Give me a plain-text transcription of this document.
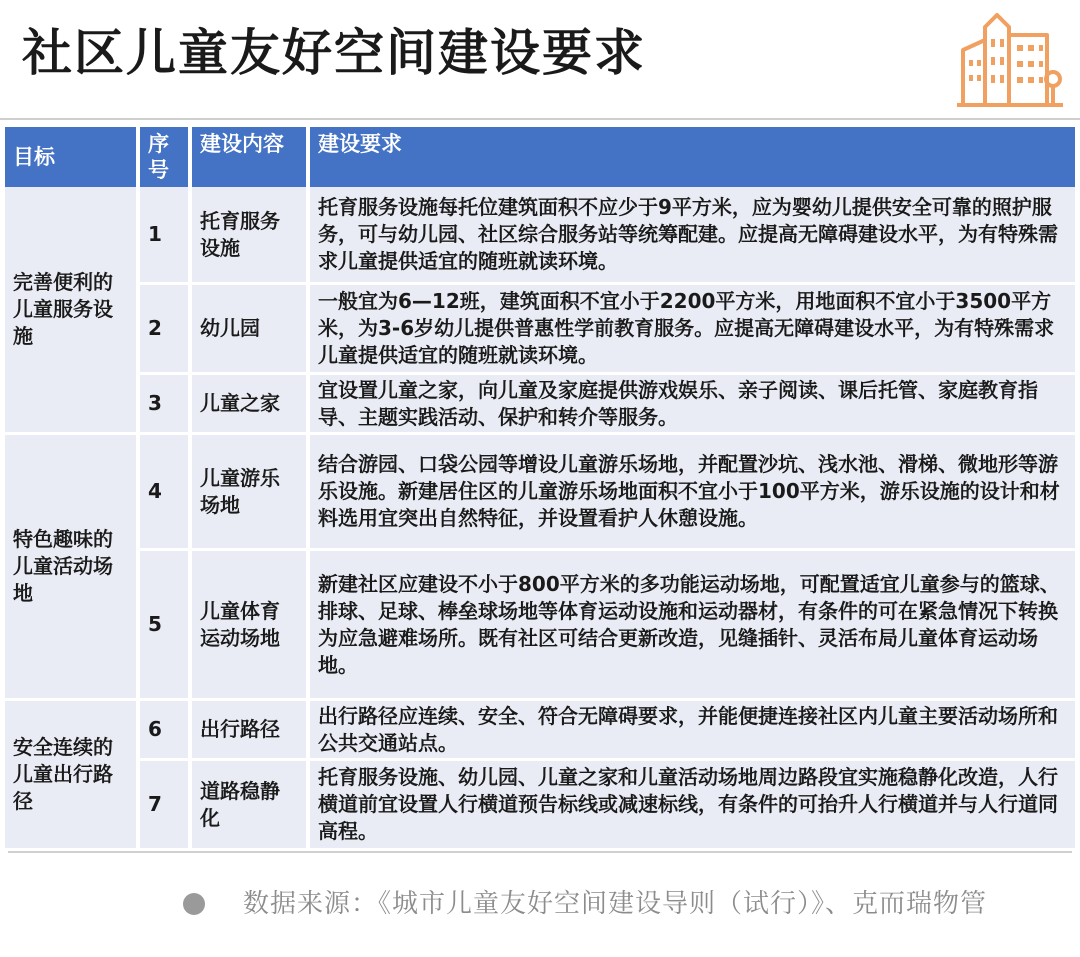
社区儿童友好空间建设要求
目标	序号	建设内容	建设要求
完善便利的儿童服务设施	1	托育服务设施	托育服务设施每托位建筑面积不应少于9平方米，应为婴幼儿提供安全可靠的照护服务，可与幼儿园、社区综合服务站等统筹配建。应提高无障碍建设水平，为有特殊需求儿童提供适宜的随班就读环境。
	2	幼儿园	一般宜为6—12班，建筑面积不宜小于2200平方米，用地面积不宜小于3500平方米，为3-6岁幼儿提供普惠性学前教育服务。应提高无障碍建设水平，为有特殊需求儿童提供适宜的随班就读环境。
	3	儿童之家	宜设置儿童之家，向儿童及家庭提供游戏娱乐、亲子阅读、课后托管、家庭教育指导、主题实践活动、保护和转介等服务。
特色趣味的儿童活动场地	4	儿童游乐场地	结合游园、口袋公园等增设儿童游乐场地，并配置沙坑、浅水池、滑梯、微地形等游乐设施。新建居住区的儿童游乐场地面积不宜小于100平方米，游乐设施的设计和材料选用宜突出自然特征，并设置看护人休憩设施。
	5	儿童体育运动场地	新建社区应建设不小于800平方米的多功能运动场地，可配置适宜儿童参与的篮球、排球、足球、棒垒球场地等体育运动设施和运动器材，有条件的可在紧急情况下转换为应急避难场所。既有社区可结合更新改造，见缝插针、灵活布局儿童体育运动场地。
安全连续的儿童出行路径	6	出行路径	出行路径应连续、安全、符合无障碍要求，并能便捷连接社区内儿童主要活动场所和公共交通站点。
	7	道路稳静化	托育服务设施、幼儿园、儿童之家和儿童活动场地周边路段宜实施稳静化改造，人行横道前宜设置人行横道预告标线或减速标线，有条件的可抬升人行横道并与人行道同高程。
数据来源：《城市儿童友好空间建设导则（试行）》、克而瑞物管
